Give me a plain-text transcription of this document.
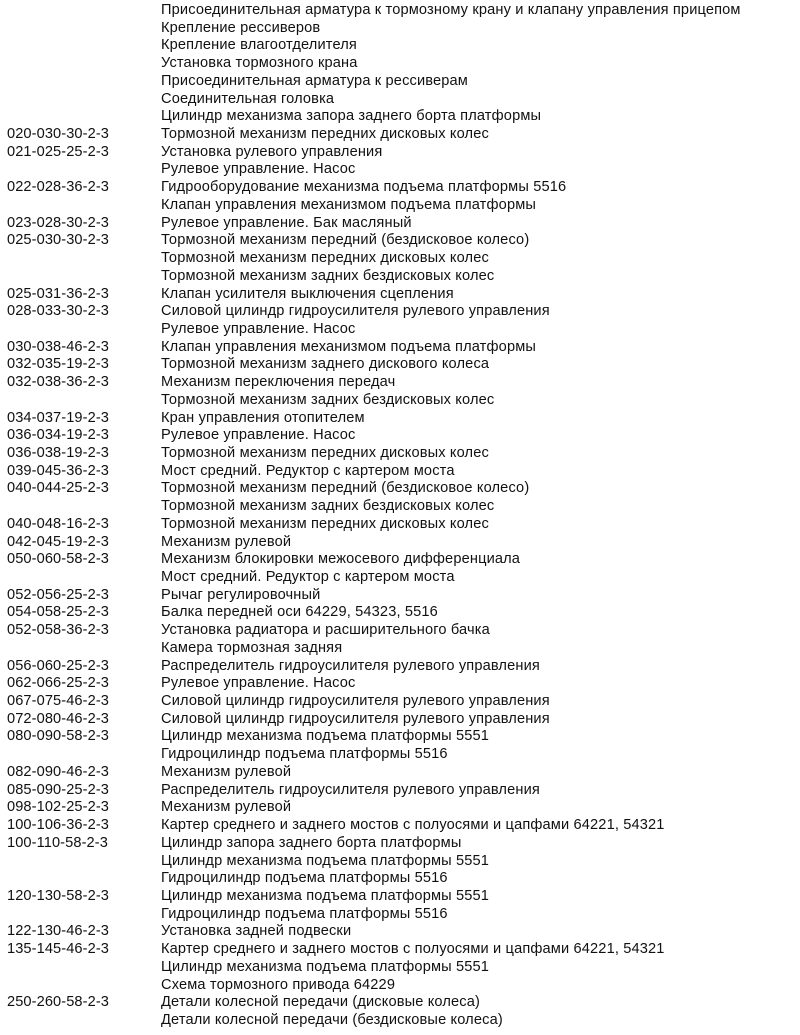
Присоединительная арматура к тормозному крану и клапану управления прицепом
Крепление рессиверов
Крепление влагоотделителя
Установка тормозного крана
Присоединительная арматура к рессиверам
Соединительная головка
Цилиндр механизма запора заднего борта платформы
020-030-30-2-3	Тормозной механизм передних дисковых колес
021-025-25-2-3	Установка рулевого управления
Рулевое управление. Насос
022-028-36-2-3	Гидрооборудование механизма подъема платформы 5516
Клапан управления механизмом подъема платформы
023-028-30-2-3	Рулевое управление. Бак масляный
025-030-30-2-3	Тормозной механизм передний (бездисковое колесо)
Тормозной механизм передних дисковых колес
Тормозной механизм задних бездисковых колес
025-031-36-2-3	Клапан усилителя выключения сцепления
028-033-30-2-3	Силовой цилиндр гидроусилителя рулевого управления
Рулевое управление. Насос
030-038-46-2-3	Клапан управления механизмом подъема платформы
032-035-19-2-3	Тормозной механизм заднего дискового колеса
032-038-36-2-3	Механизм переключения передач
Тормозной механизм задних бездисковых колес
034-037-19-2-3	Кран управления отопителем
036-034-19-2-3	Рулевое управление. Насос
036-038-19-2-3	Тормозной механизм передних дисковых колес
039-045-36-2-3	Мост средний. Редуктор с картером моста
040-044-25-2-3	Тормозной механизм передний (бездисковое колесо)
Тормозной механизм задних бездисковых колес
040-048-16-2-3	Тормозной механизм передних дисковых колес
042-045-19-2-3	Механизм рулевой
050-060-58-2-3	Механизм блокировки межосевого дифференциала
Мост средний. Редуктор с картером моста
052-056-25-2-3	Рычаг регулировочный
054-058-25-2-3	Балка передней оси 64229, 54323, 5516
052-058-36-2-3	Установка радиатора и расширительного бачка
Камера тормозная задняя
056-060-25-2-3	Распределитель гидроусилителя рулевого управления
062-066-25-2-3	Рулевое управление. Насос
067-075-46-2-3	Силовой цилиндр гидроусилителя рулевого управления
072-080-46-2-3	Силовой цилиндр гидроусилителя рулевого управления
080-090-58-2-3	Цилиндр механизма подъема платформы 5551
Гидроцилиндр подъема платформы 5516
082-090-46-2-3	Механизм рулевой
085-090-25-2-3	Распределитель гидроусилителя рулевого управления
098-102-25-2-3	Механизм рулевой
100-106-36-2-3	Картер среднего и заднего мостов с полуосями и цапфами 64221, 54321
100-110-58-2-3	Цилиндр запора заднего борта платформы
Цилиндр механизма подъема платформы 5551
Гидроцилиндр подъема платформы 5516
120-130-58-2-3	Цилиндр механизма подъема платформы 5551
Гидроцилиндр подъема платформы 5516
122-130-46-2-3	Установка задней подвески
135-145-46-2-3	Картер среднего и заднего мостов с полуосями и цапфами 64221, 54321
Цилиндр механизма подъема платформы 5551
Схема тормозного привода 64229
250-260-58-2-3	Детали колесной передачи (дисковые колеса)
Детали колесной передачи (бездисковые колеса)
